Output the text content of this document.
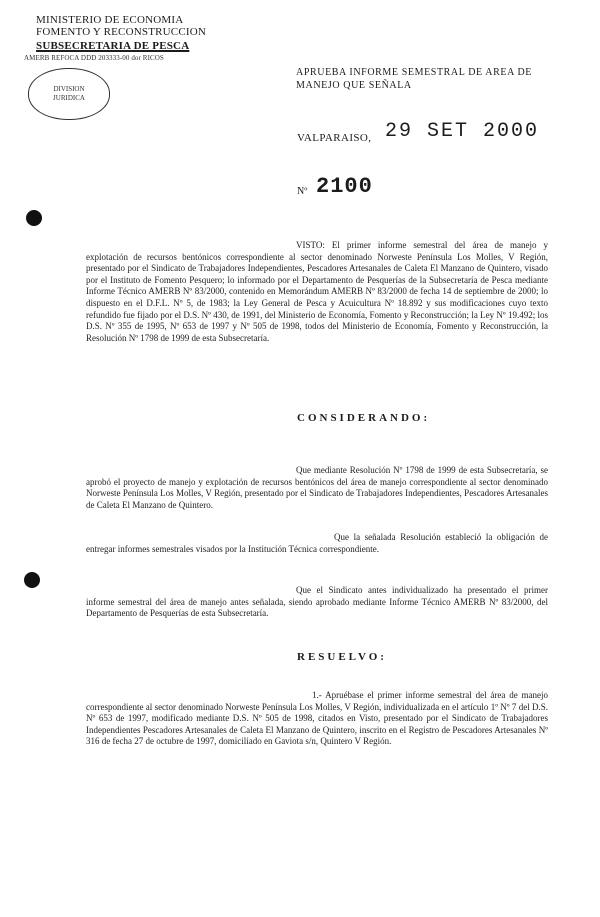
MINISTERIO DE ECONOMIA
FOMENTO Y RECONSTRUCCION
SUBSECRETARIA DE PESCA
AMERB REFOCA DDD 203333-00 dor RICOS
DIVISION
JURIDICA
APRUEBA INFORME SEMESTRAL DE AREA DE MANEJO QUE SEÑALA
VALPARAISO, 29 SET 2000
Nº 2100
VISTO: El primer informe semestral del área de manejo y explotación de recursos bentónicos correspondiente al sector denominado Norweste Península Los Molles, V Región, presentado por el Sindicato de Trabajadores Independientes, Pescadores Artesanales de Caleta El Manzano de Quintero, visado por el Instituto de Fomento Pesquero; lo informado por el Departamento de Pesquerías de la Subsecretaría de Pesca mediante Informe Técnico AMERB Nº 83/2000, contenido en Memorándum AMERB Nº 83/2000 de fecha 14 de septiembre de 2000; lo dispuesto en el D.F.L. Nº 5, de 1983; la Ley General de Pesca y Acuicultura Nº 18.892 y sus modificaciones cuyo texto refundido fue fijado por el D.S. Nº 430, de 1991, del Ministerio de Economía, Fomento y Reconstrucción; la Ley Nº 19.492; los D.S. Nº 355 de 1995, Nº 653 de 1997 y Nº 505 de 1998, todos del Ministerio de Economía, Fomento y Reconstrucción, la Resolución Nº 1798 de 1999 de esta Subsecretaría.
CONSIDERANDO:
Que mediante Resolución Nº 1798 de 1999 de esta Subsecretaría, se aprobó el proyecto de manejo y explotación de recursos bentónicos del área de manejo correspondiente al sector denominado Norweste Península Los Molles, V Región, presentado por el Sindicato de Trabajadores Independientes, Pescadores Artesanales de Caleta El Manzano de Quintero.
Que la señalada Resolución estableció la obligación de entregar informes semestrales visados por la Institución Técnica correspondiente.
Que el Sindicato antes individualizado ha presentado el primer informe semestral del área de manejo antes señalada, siendo aprobado mediante Informe Técnico AMERB Nº 83/2000, del Departamento de Pesquerías de esta Subsecretaría.
RESUELVO:
1.- Apruébase el primer informe semestral del área de manejo correspondiente al sector denominado Norweste Península Los Molles, V Región, individualizada en el artículo 1º Nº 7 del D.S. Nº 653 de 1997, modificado mediante D.S. Nº 505 de 1998, citados en Visto, presentado por el Sindicato de Trabajadores Independientes Pescadores Artesanales de Caleta El Manzano de Quintero, inscrito en el Registro de Pescadores Artesanales Nº 316 de fecha 27 de octubre de 1997, domiciliado en Gaviota s/n, Quintero V Región.
